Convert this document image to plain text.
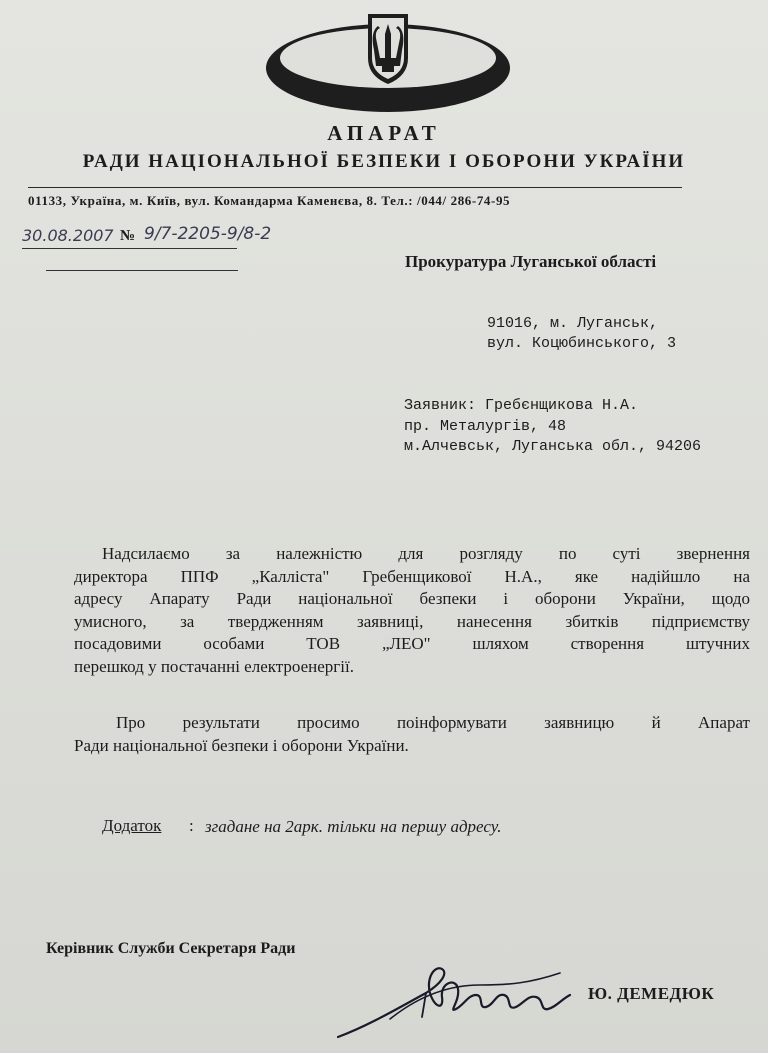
АПАРАТ
РАДИ НАЦІОНАЛЬНОЇ БЕЗПЕКИ І ОБОРОНИ УКРАЇНИ
01133, Україна, м. Київ, вул. Командарма Каменєва, 8. Тел.: /044/ 286-74-95
30.08.2007 № 9/7-2205-9/8-2
Прокуратура Луганської області
91016, м. Луганськ,
вул. Коцюбинського, 3
Заявник: Гребєнщикова Н.А.
пр. Металургів, 48
м.Алчевськ, Луганська обл., 94206

Надсилаємо за належністю для розгляду по суті звернення

директора ППФ „Калліста" Гребенщикової Н.А., яке надійшло на

адресу Апарату Ради національної безпеки і оборони України, щодо

умисного, за твердженням заявниці, нанесення збитків підприємству

посадовими особами ТОВ „ЛЕО" шляхом створення штучних

перешкод у постачанні електроенергії.

Про результати просимо поінформувати заявницю й Апарат

Ради національної безпеки і оборони України.

Додаток : згадане на 2арк. тільки на першу адресу.
Керівник Служби Секретаря Ради
Ю. ДЕМЕДЮК
